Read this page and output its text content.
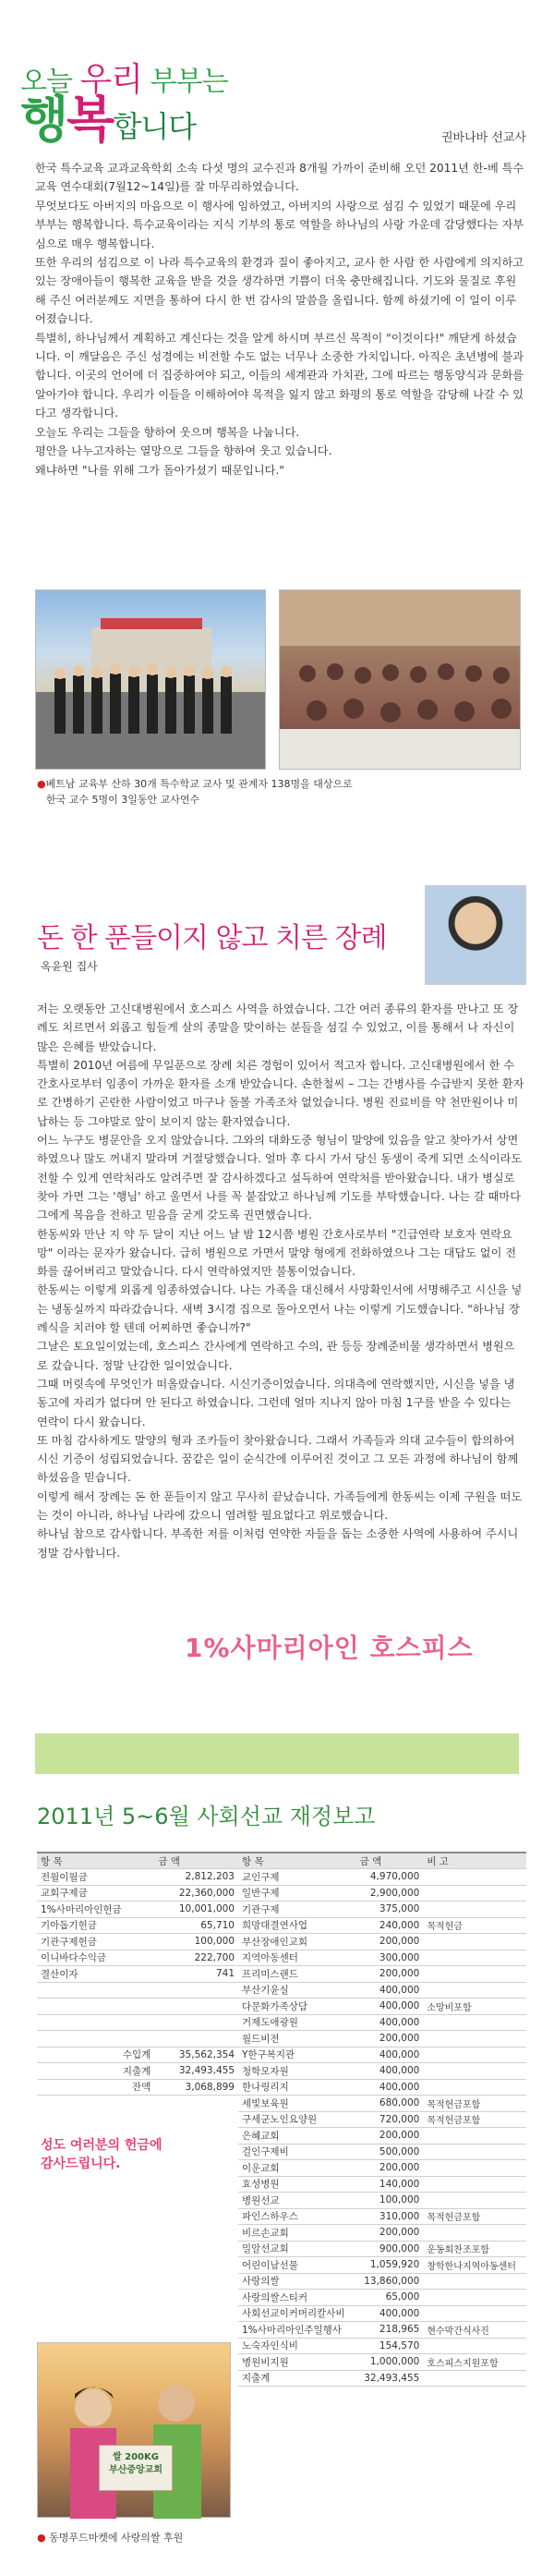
오늘 우리 부부는
행복합니다	권바나바 선교사

한국 특수교육 교과교육학회 소속 다섯 명의 교수진과 8개월 가까이 준비해 오던 2011년 한-베 특수교육 연수대회(7월12~14일)를 잘 마무리하였습니다.

무엇보다도 아버지의 마음으로 이 행사에 임하였고, 아버지의 사랑으로 섬김 수 있었기 때문에 우리 부부는 행복합니다. 특수교육이라는 지식 기부의 통로 역할을 하나님의 사랑 가운데 감당했다는 자부심으로 매우 행복합니다.

또한 우리의 섬김으로 이 나라 특수교육의 환경과 질이 좋아지고, 교사 한 사람 한 사람에게 의지하고 있는 장애아들이 행복한 교육을 받을 것을 생각하면 기쁨이 더욱 충만해집니다. 기도와 물질로 후원해 주신 여러분께도 지면을 통하여 다시 한 번 감사의 말씀을 올립니다. 함께 하셨기에 이 일이 이루어졌습니다.

특별히, 하나님께서 계획하고 계신다는 것을 알게 하시며 부르신 목적이 "이것이다!" 깨닫게 하셨습니다. 이 깨달음은 주신 성경에는 비전할 수도 없는 너무나 소중한 가치입니다. 아직은 초년병에 불과합니다. 이곳의 언어에 더 집중하여야 되고, 이들의 세계관과 가치관, 그에 따르는 행동양식과 문화를 알아가야 합니다. 우리가 이들을 이해하여야 목적을 잃지 않고 화평의 통로 역할을 감당해 나갈 수 있다고 생각합니다.

오늘도 우리는 그들을 향하여 웃으며 행복을 나눕니다.

평안을 나누고자하는 열망으로 그들을 향하여 웃고 있습니다.

왜냐하면 "나를 위해 그가 돌아가셨기 때문입니다."

●베트남 교육부 산하 30개 특수학교 교사 및 관계자 138명을 대상으로
한국 교수 5명이 3일동안 교사연수
돈 한 푼들이지 않고 치른 장례
옥윤원 집사

저는 오랫동안 고신대병원에서 호스피스 사역을 하였습니다. 그간 여러 종류의 환자를 만나고 또 장례도 치르면서 외롭고 힘들게 살의 종말을 맞이하는 분들을 섬길 수 있었고, 이를 통해서 나 자신이 많은 은혜를 받았습니다.

특별히 2010년 여름에 무일푼으로 장례 치른 경험이 있어서 적고자 합니다. 고신대병원에서 한 수간호사로부터 임종이 가까운 환자를 소개 받았습니다. 손한철씨 – 그는 간병사를 수급받지 못한 환자로 간병하기 곤란한 사람이었고 마구나 돌볼 가족조차 없었습니다. 병원 진료비를 약 천만원이나 미납하는 등 그야말로 앞이 보이지 않는 환자였습니다.

어느 누구도 병문안을 오지 않았습니다. 그와의 대화도중 형님이 말양에 있음을 알고 찾아가서 상면하였으나 많도 꺼내지 말라며 거절당했습니다. 얼마 후 다시 가서 당신 동생이 죽게 되면 소식이라도 전할 수 있게 연락처라도 알려주면 잘 감사하겠다고 설득하여 연락처를 받아왔습니다. 내가 병실로 찾아 가면 그는 '행님' 하고 울면서 나를 꼭 붙잡았고 하나님께 기도를 부탁했습니다. 나는 갈 때마다 그에게 복음을 전하고 믿음을 굳게 갖도록 권면했습니다.

한동씨와 만난 지 약 두 달이 지난 어느 날 밤 12시쯤 병원 간호사로부터 "긴급연락 보호자 연락요망" 이라는 문자가 왔습니다. 급히 병원으로 가면서 말양 형에게 전화하였으나 그는 대답도 없이 전화를 끊어버리고 말았습니다. 다시 연락하였지만 불통이었습니다.

한동씨는 이렇게 외롭게 임종하였습니다. 나는 가족을 대신해서 사망확인서에 서명해주고 시신을 넣는 냉동실까지 따라갔습니다. 새벽 3시경 집으로 돌아오면서 나는 이렇게 기도했습니다. "하나님 장례식을 치러야 할 텐데 어찌하면 좋습니까?"

그날은 토요일이었는데, 호스피스 간사에게 연락하고 수의, 관 등등 장례준비물 생각하면서 병원으로 갔습니다. 정말 난감한 일이었습니다.

그때 머릿속에 무엇인가 떠올랐습니다. 시신기증이었습니다. 의대측에 연락했지만, 시신을 넣을 냉동고에 자리가 없다며 안 된다고 하였습니다. 그런데 얼마 지나지 않아 마침 1구를 받을 수 있다는 연락이 다시 왔습니다.

또 마침 감사하게도 말양의 형과 조카들이 찾아왔습니다. 그래서 가족들과 의대 교수들이 합의하여 시신 기증이 성립되었습니다. 꿈같은 일이 순식간에 이루어진 것이고 그 모든 과정에 하나님이 함께 하셨음을 믿습니다.

이렇게 해서 장례는 돈 한 푼들이지 않고 무사히 끝났습니다. 가족들에게 한동씨는 이제 구원을 떠도는 것이 아니라, 하나님 나라에 갔으니 염려할 필요없다고 위로했습니다.

하나님 참으로 감사합니다. 부족한 저를 이처럼 연약한 자들을 돕는 소중한 사역에 사용하여 주시니 정말 감사합니다.

1%사마리아인 호스피스
2011년 5~6월 사회선교 재정보고
항 목	금 액
전월이월금	2,812,203
교회구제금	22,360,000
1%사마리아인헌금	10,001,000
기아돕기헌금	65,710
기관구제헌금	100,000
이니바다수익금	222,700
결산이자	741

수입계	35,562,354
지출계	32,493,455
잔액	3,068,899
항 목	금 액	비 고
교인구제	4,970,000	
일반구제	2,900,000	
기관구제	375,000	
희망대결연사업	240,000	목적헌금
부산장애인교회	200,000	
지역아동센터	300,000	
프리미스랜드	200,000	
부산기윤실	400,000	
다문화가족상담	400,000	소망비포함
거제도애광원	400,000	
월드비전	200,000	
Y한구복지관	400,000	
청학모자원	400,000	
한나링리지	400,000	
세빛보육원	680,000	목적헌금포함
구세군노인요양원	720,000	목적헌금포함
은혜교회	200,000	
걸인구제비	500,000	
이운교회	200,000	
효성병원	140,000	
병원선교	100,000	
파인스하우스	310,000	목적헌금포함
비르손교회	200,000	
밀알선교회	900,000	운동회찬조포함
어린이남선물	1,059,920	창학한나지역아동센터
사랑의쌀	13,860,000	
사랑의쌀스티커	65,000	
사회선교이커머리칼사비	400,000	
1%사마리아인주일행사	218,965	현수막간식사진
노숙자인식비	154,570	
병원비지원	1,000,000	호스피스지원포함
지출계	32,493,455	
성도 여러분의 헌금에
감사드립니다.
쌀 200KG
부산중앙교회
● 동명푸드마켓에 사랑의쌀 후원
